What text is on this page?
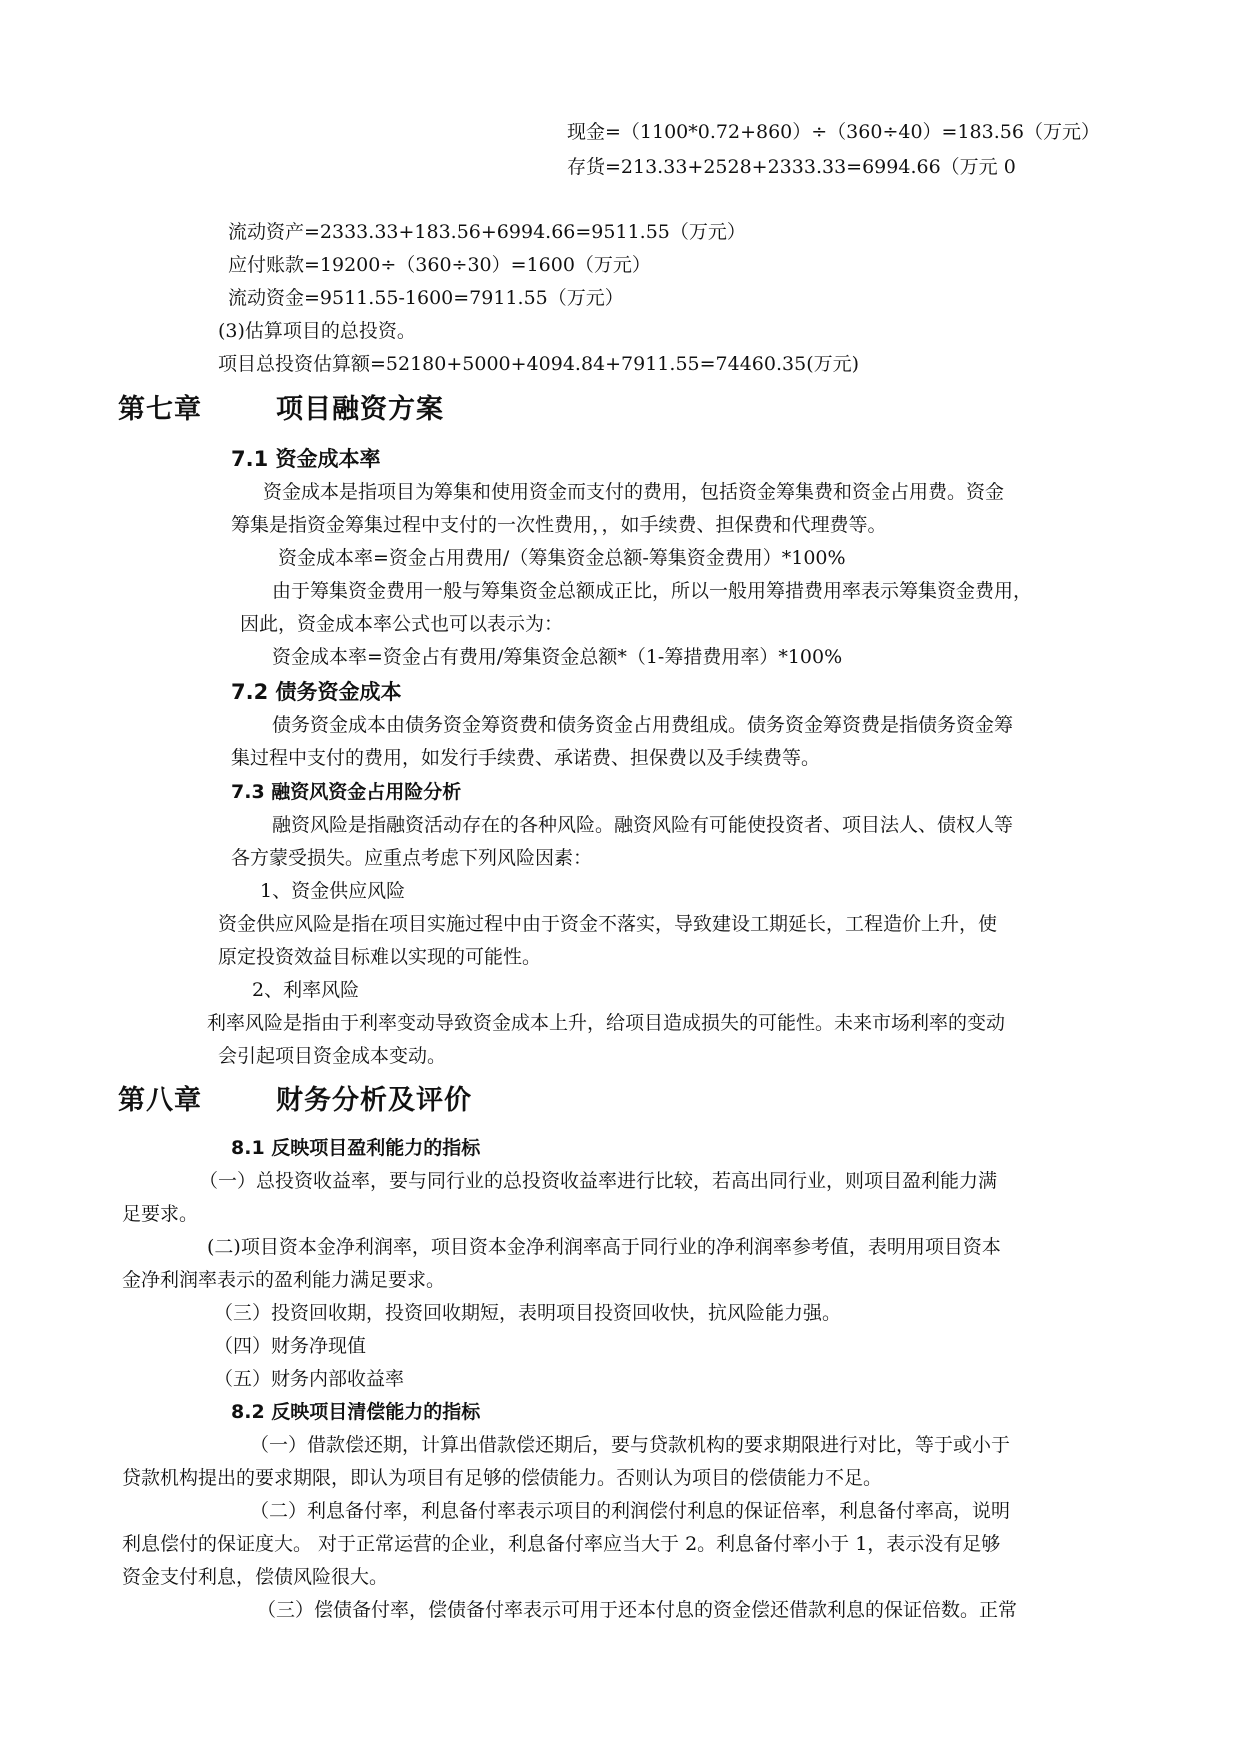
现金=（1100*0.72+860）÷（360÷40）=183.56（万元）
存货=213.33+2528+2333.33=6994.66（万元 0
流动资产=2333.33+183.56+6994.66=9511.55（万元）
应付账款=19200÷（360÷30）=1600（万元）
流动资金=9511.55-1600=7911.55（万元）
(3)估算项目的总投资。
项目总投资估算额=52180+5000+4094.84+7911.55=74460.35(万元)
第七章	项目融资方案
7.1 资金成本率
资金成本是指项目为筹集和使用资金而支付的费用，包括资金筹集费和资金占用费。资金
筹集是指资金筹集过程中支付的一次性费用，，如手续费、担保费和代理费等。
资金成本率=资金占用费用/（筹集资金总额-筹集资金费用）*100%
由于筹集资金费用一般与筹集资金总额成正比，所以一般用筹措费用率表示筹集资金费用，
因此，资金成本率公式也可以表示为：
资金成本率=资金占有费用/筹集资金总额*（1-筹措费用率）*100%
7.2 债务资金成本
债务资金成本由债务资金筹资费和债务资金占用费组成。债务资金筹资费是指债务资金筹
集过程中支付的费用，如发行手续费、承诺费、担保费以及手续费等。
7.3 融资风资金占用险分析
融资风险是指融资活动存在的各种风险。融资风险有可能使投资者、项目法人、债权人等
各方蒙受损失。应重点考虑下列风险因素：
1、资金供应风险
资金供应风险是指在项目实施过程中由于资金不落实，导致建设工期延长，工程造价上升，使
原定投资效益目标难以实现的可能性。
2、利率风险
利率风险是指由于利率变动导致资金成本上升，给项目造成损失的可能性。未来市场利率的变动
会引起项目资金成本变动。
第八章	财务分析及评价
8.1 反映项目盈利能力的指标
（一）总投资收益率，要与同行业的总投资收益率进行比较，若高出同行业，则项目盈利能力满
足要求。
(二)项目资本金净利润率，项目资本金净利润率高于同行业的净利润率参考值，表明用项目资本
金净利润率表示的盈利能力满足要求。
（三）投资回收期，投资回收期短，表明项目投资回收快，抗风险能力强。
（四）财务净现值
（五）财务内部收益率
8.2 反映项目清偿能力的指标
（一）借款偿还期，计算出借款偿还期后，要与贷款机构的要求期限进行对比，等于或小于
贷款机构提出的要求期限，即认为项目有足够的偿债能力。否则认为项目的偿债能力不足。
（二）利息备付率，利息备付率表示项目的利润偿付利息的保证倍率，利息备付率高，说明
利息偿付的保证度大。 对于正常运营的企业，利息备付率应当大于 2。利息备付率小于 1，表示没有足够
资金支付利息，偿债风险很大。
（三）偿债备付率，偿债备付率表示可用于还本付息的资金偿还借款利息的保证倍数。正常
